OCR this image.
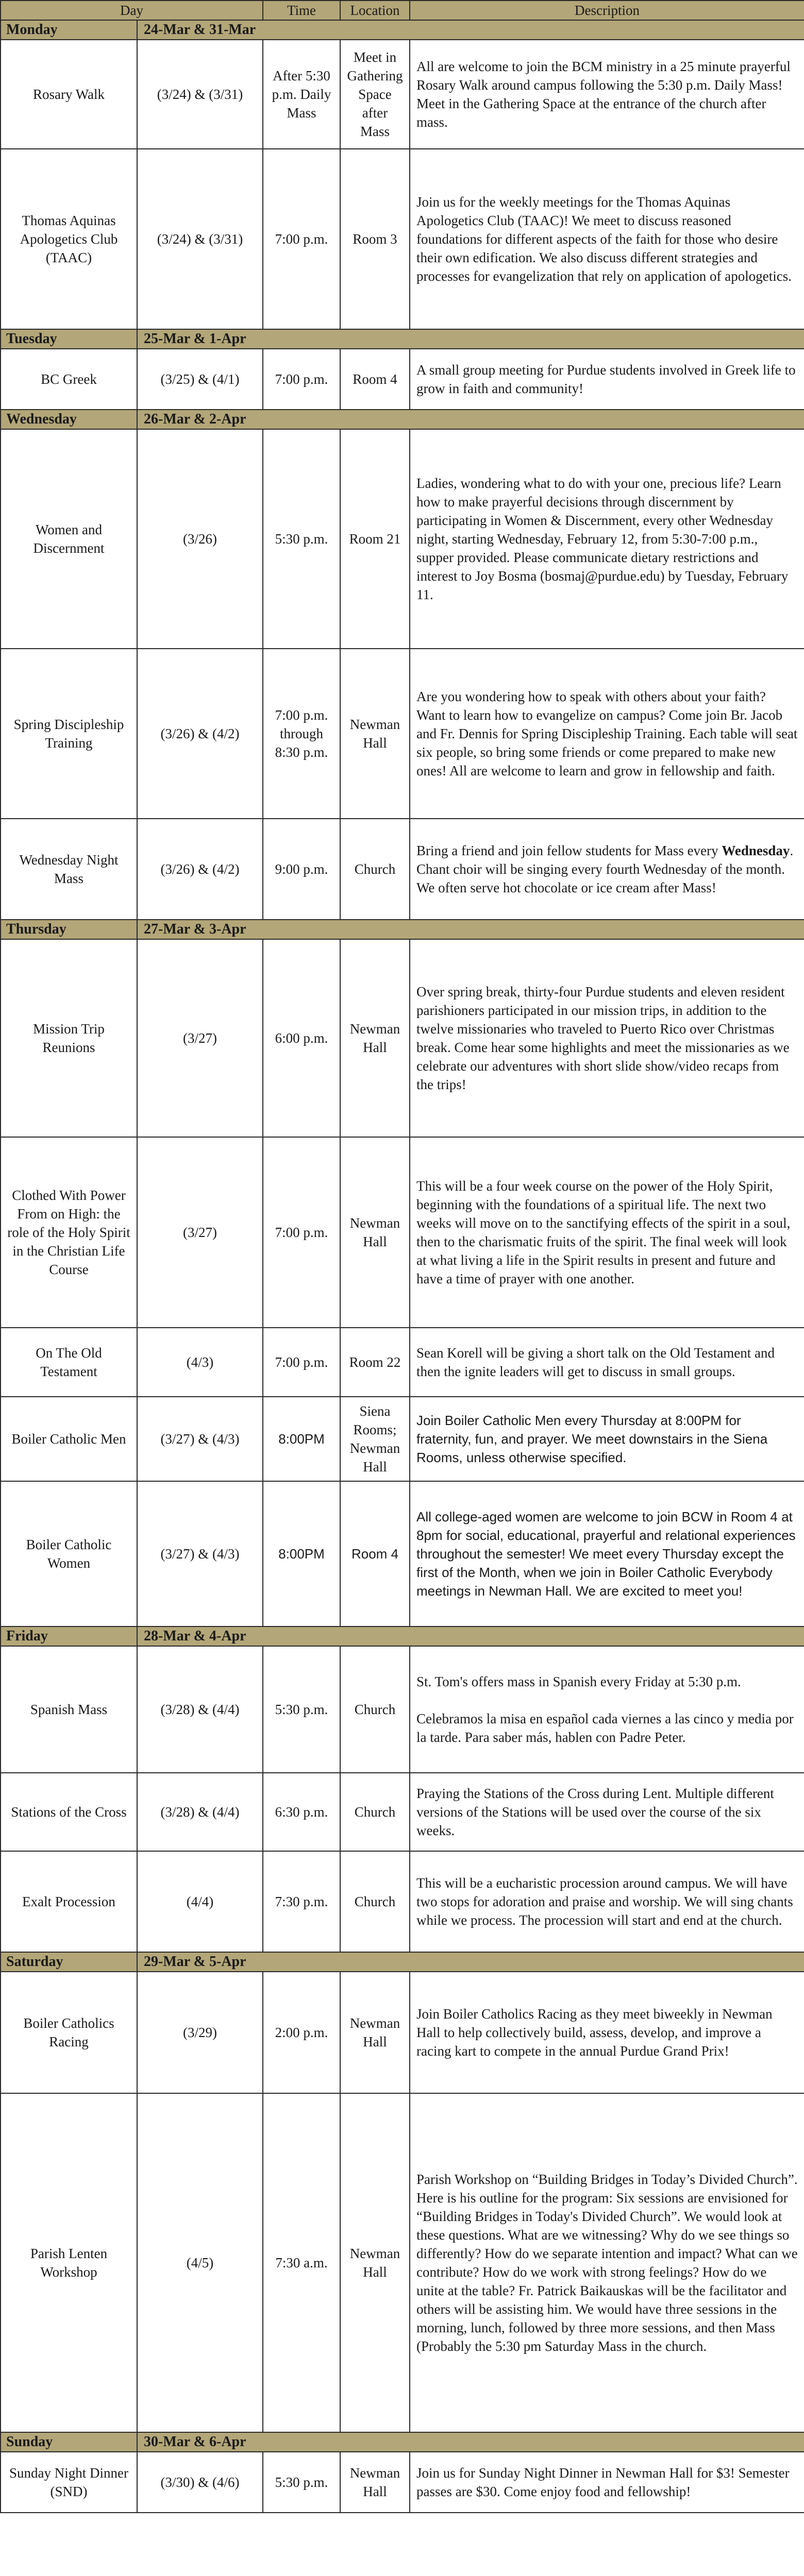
Day		Time	Location	Description
Monday	24-Mar & 31-Mar			
Rosary Walk	(3/24) & (3/31)	After 5:30 p.m. Daily Mass	Meet in Gathering Space after Mass	All are welcome to join the BCM ministry in a 25 minute prayerful Rosary Walk around campus following the 5:30 p.m. Daily Mass! Meet in the Gathering Space at the entrance of the church after mass.
Thomas Aquinas Apologetics Club (TAAC)	(3/24) & (3/31)	7:00 p.m.	Room 3	Join us for the weekly meetings for the Thomas Aquinas Apologetics Club (TAAC)! We meet to discuss reasoned foundations for different aspects of the faith for those who desire their own edification. We also discuss different strategies and processes for evangelization that rely on application of apologetics.
Tuesday	25-Mar & 1-Apr			
BC Greek	(3/25) & (4/1)	7:00 p.m.	Room 4	A small group meeting for Purdue students involved in Greek life to grow in faith and community!
Wednesday	26-Mar & 2-Apr			
Women and Discernment	(3/26)	5:30 p.m.	Room 21	Ladies, wondering what to do with your one, precious life? Learn how to make prayerful decisions through discernment by participating in Women & Discernment, every other Wednesday night, starting Wednesday, February 12, from 5:30-7:00 p.m., supper provided. Please communicate dietary restrictions and interest to Joy Bosma (bosmaj@purdue.edu) by Tuesday, February 11.
Spring Discipleship Training	(3/26) & (4/2)	7:00 p.m. through 8:30 p.m.	Newman Hall	Are you wondering how to speak with others about your faith? Want to learn how to evangelize on campus? Come join Br. Jacob and Fr. Dennis for Spring Discipleship Training. Each table will seat six people, so bring some friends or come prepared to make new ones! All are welcome to learn and grow in fellowship and faith.
Wednesday Night Mass	(3/26) & (4/2)	9:00 p.m.	Church	Bring a friend and join fellow students for Mass every Wednesday. Chant choir will be singing every fourth Wednesday of the month. We often serve hot chocolate or ice cream after Mass!
Thursday	27-Mar & 3-Apr			
Mission Trip Reunions	(3/27)	6:00 p.m.	Newman Hall	Over spring break, thirty-four Purdue students and eleven resident parishioners participated in our mission trips, in addition to the twelve missionaries who traveled to Puerto Rico over Christmas break. Come hear some highlights and meet the missionaries as we celebrate our adventures with short slide show/video recaps from the trips!
Clothed With Power From on High: the role of the Holy Spirit in the Christian Life Course	(3/27)	7:00 p.m.	Newman Hall	This will be a four week course on the power of the Holy Spirit, beginning with the foundations of a spiritual life. The next two weeks will move on to the sanctifying effects of the spirit in a soul, then to the charismatic fruits of the spirit. The final week will look at what living a life in the Spirit results in present and future and have a time of prayer with one another.
On The Old Testament	(4/3)	7:00 p.m.	Room 22	Sean Korell will be giving a short talk on the Old Testament and then the ignite leaders will get to discuss in small groups.
Boiler Catholic Men	(3/27) & (4/3)	8:00PM	Siena Rooms; Newman Hall	Join Boiler Catholic Men every Thursday at 8:00PM for fraternity, fun, and prayer. We meet downstairs in the Siena Rooms, unless otherwise specified.
Boiler Catholic Women	(3/27) & (4/3)	8:00PM	Room 4	All college-aged women are welcome to join BCW in Room 4 at 8pm for social, educational, prayerful and relational experiences throughout the semester! We meet every Thursday except the first of the Month, when we join in Boiler Catholic Everybody meetings in Newman Hall. We are excited to meet you!
Friday	28-Mar & 4-Apr			
Spanish Mass	(3/28) & (4/4)	5:30 p.m.	Church	St. Tom's offers mass in Spanish every Friday at 5:30 p.m.
Celebramos la misa en español cada viernes a las cinco y media por la tarde. Para saber más, hablen con Padre Peter.

Stations of the Cross	(3/28) & (4/4)	6:30 p.m.	Church	Praying the Stations of the Cross during Lent. Multiple different versions of the Stations will be used over the course of the six weeks.
Exalt Procession	(4/4)	7:30 p.m.	Church	This will be a eucharistic procession around campus. We will have two stops for adoration and praise and worship. We will sing chants while we process. The procession will start and end at the church.
Saturday	29-Mar & 5-Apr			
Boiler Catholics Racing	(3/29)	2:00 p.m.	Newman Hall	Join Boiler Catholics Racing as they meet biweekly in Newman Hall to help collectively build, assess, develop, and improve a racing kart to compete in the annual Purdue Grand Prix!
Parish Lenten Workshop	(4/5)	7:30 a.m.	Newman Hall	Parish Workshop on “Building Bridges in Today’s Divided Church”. Here is his outline for the program: Six sessions are envisioned for “Building Bridges in Today's Divided Church”. We would look at these questions. What are we witnessing? Why do we see things so differently? How do we separate intention and impact? What can we contribute? How do we work with strong feelings? How do we unite at the table? Fr. Patrick Baikauskas will be the facilitator and others will be assisting him. We would have three sessions in the morning, lunch, followed by three more sessions, and then Mass (Probably the 5:30 pm Saturday Mass in the church.
Sunday	30-Mar & 6-Apr			
Sunday Night Dinner (SND)	(3/30) & (4/6)	5:30 p.m.	Newman Hall	Join us for Sunday Night Dinner in Newman Hall for $3! Semester passes are $30. Come enjoy food and fellowship!
